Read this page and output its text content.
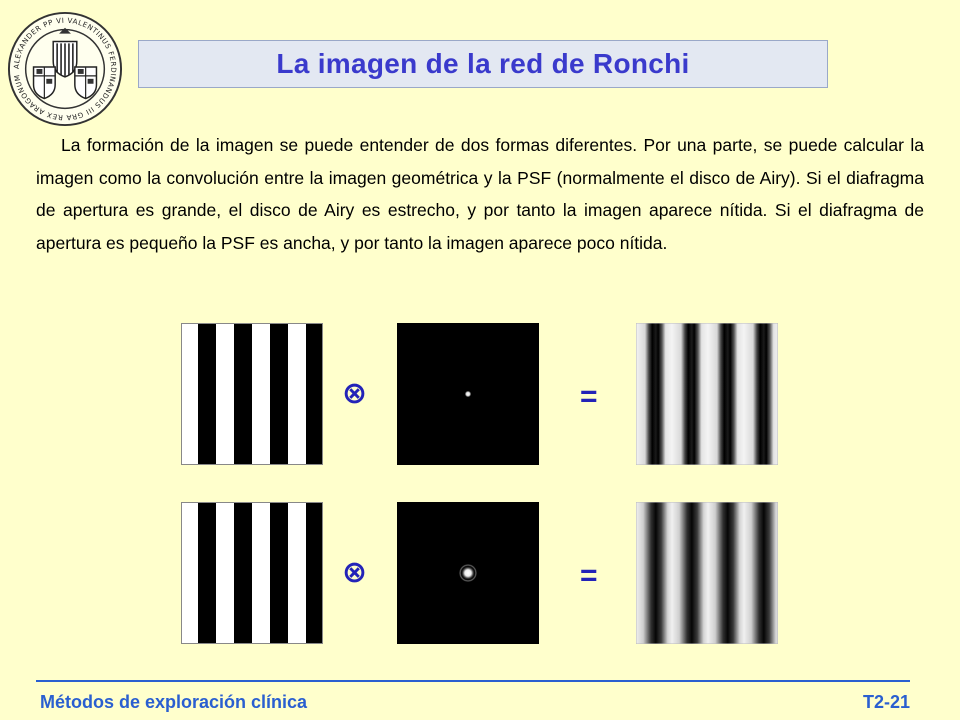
ALEXANDER PP VI VALENTINUS FERDINANDUS III GRA REX ARAGONUM	La imagen de la red de Ronchi

La formación de la imagen se puede entender de dos formas diferentes. Por una parte, se puede calcular la imagen como la convolución entre la imagen geométrica y la PSF (normalmente el disco de Airy). Si el diafragma de apertura es grande, el disco de Airy es estrecho, y por tanto la imagen aparece nítida. Si el diafragma de apertura es pequeño la PSF es ancha, y por tanto la imagen aparece poco nítida.

⊗	=
⊗	=
Métodos de exploración clínica	T2-21
